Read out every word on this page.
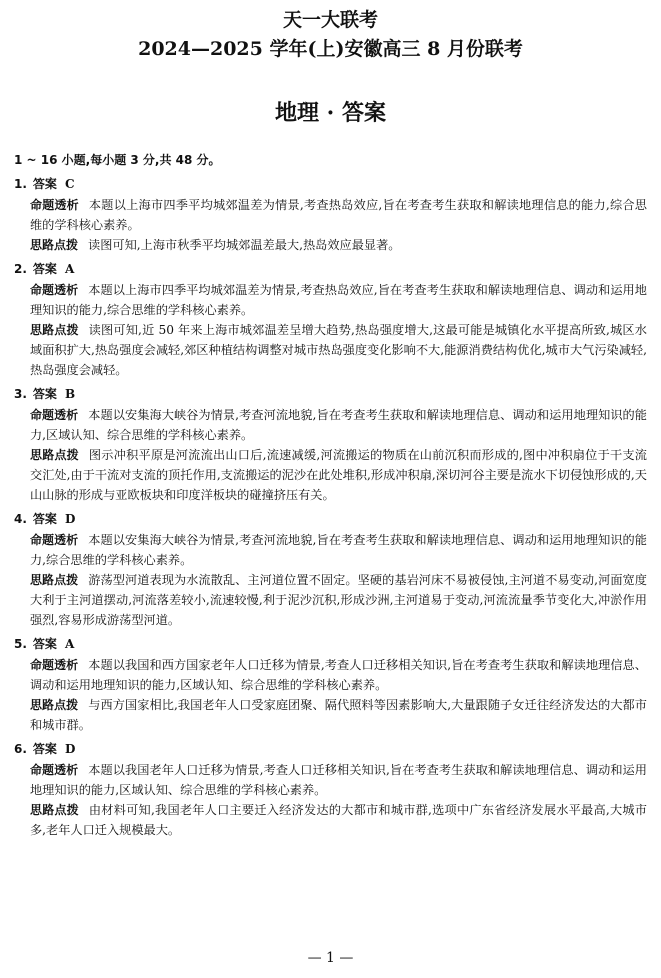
天一大联考
2024—2025 学年(上)安徽高三 8 月份联考
地理 · 答案
1 ~ 16 小题,每小题 3 分,共 48 分。
1. 答案 C
命题透析 本题以上海市四季平均城郊温差为情景,考查热岛效应,旨在考查考生获取和解读地理信息的能力,综合思维的学科核心素养。
思路点拨 读图可知,上海市秋季平均城郊温差最大,热岛效应最显著。
2. 答案 A
命题透析 本题以上海市四季平均城郊温差为情景,考查热岛效应,旨在考查考生获取和解读地理信息、调动和运用地理知识的能力,综合思维的学科核心素养。
思路点拨 读图可知,近 50 年来上海市城郊温差呈增大趋势,热岛强度增大,这最可能是城镇化水平提高所致,城区水域面积扩大,热岛强度会减轻,郊区种植结构调整对城市热岛强度变化影响不大,能源消费结构优化,城市大气污染减轻,热岛强度会减轻。
3. 答案 B
命题透析 本题以安集海大峡谷为情景,考查河流地貌,旨在考查考生获取和解读地理信息、调动和运用地理知识的能力,区域认知、综合思维的学科核心素养。
思路点拨 图示冲积平原是河流流出山口后,流速减缓,河流搬运的物质在山前沉积而形成的,图中冲积扇位于干支流交汇处,由于干流对支流的顶托作用,支流搬运的泥沙在此处堆积,形成冲积扇,深切河谷主要是流水下切侵蚀形成的,天山山脉的形成与亚欧板块和印度洋板块的碰撞挤压有关。
4. 答案 D
命题透析 本题以安集海大峡谷为情景,考查河流地貌,旨在考查考生获取和解读地理信息、调动和运用地理知识的能力,综合思维的学科核心素养。
思路点拨 游荡型河道表现为水流散乱、主河道位置不固定。坚硬的基岩河床不易被侵蚀,主河道不易变动,河面宽度大利于主河道摆动,河流落差较小,流速较慢,利于泥沙沉积,形成沙洲,主河道易于变动,河流流量季节变化大,冲淤作用强烈,容易形成游荡型河道。
5. 答案 A
命题透析 本题以我国和西方国家老年人口迁移为情景,考查人口迁移相关知识,旨在考查考生获取和解读地理信息、调动和运用地理知识的能力,区域认知、综合思维的学科核心素养。
思路点拨 与西方国家相比,我国老年人口受家庭团聚、隔代照料等因素影响大,大量跟随子女迁往经济发达的大都市和城市群。
6. 答案 D
命题透析 本题以我国老年人口迁移为情景,考查人口迁移相关知识,旨在考查考生获取和解读地理信息、调动和运用地理知识的能力,区域认知、综合思维的学科核心素养。
思路点拨 由材料可知,我国老年人口主要迁入经济发达的大都市和城市群,选项中广东省经济发展水平最高,大城市多,老年人口迁入规模最大。
— 1 —
